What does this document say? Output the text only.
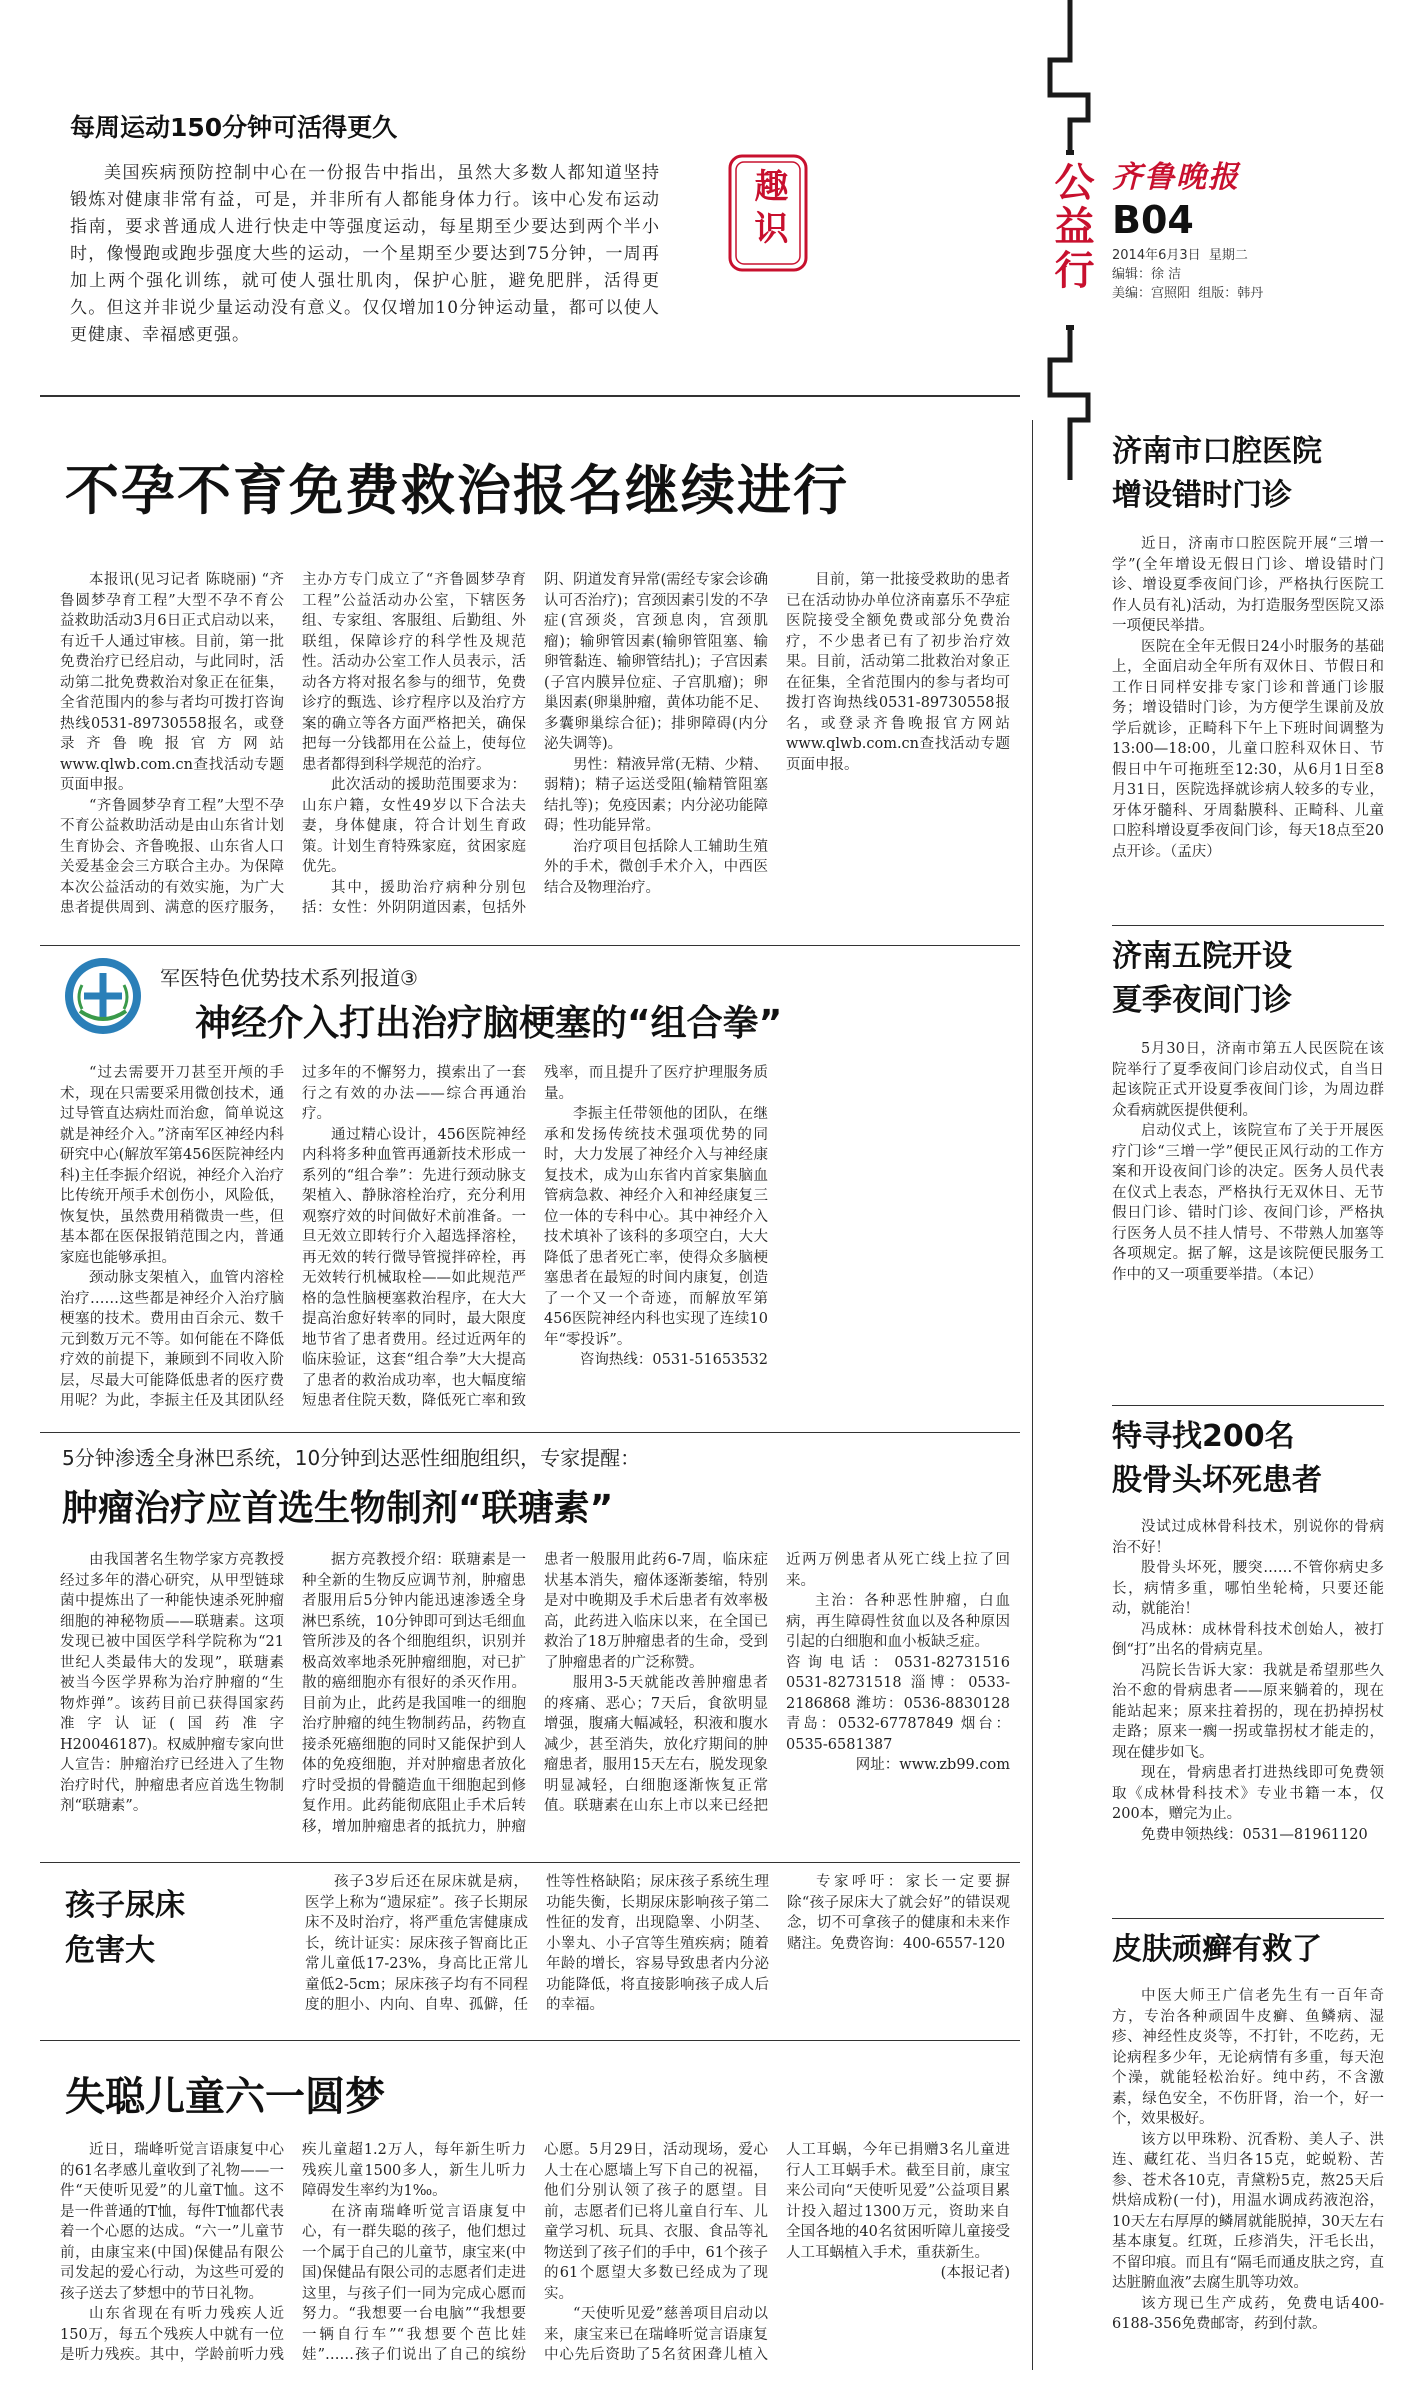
公益行 齐鲁晚报
B04
2014年6月3日 星期二
编辑：徐 洁
美编：宫照阳 组版：韩丹
每周运动150分钟可活得更久
美国疾病预防控制中心在一份报告中指出，虽然大多数人都知道坚持锻炼对健康非常有益，可是，并非所有人都能身体力行。该中心发布运动指南，要求普通成人进行快走中等强度运动，每星期至少要达到两个半小时，像慢跑或跑步强度大些的运动，一个星期至少要达到75分钟，一周再加上两个强化训练，就可使人强壮肌肉，保护心脏，避免肥胖，活得更久。但这并非说少量运动没有意义。仅仅增加10分钟运动量，都可以使人更健康、幸福感更强。
趣识
不孕不育免费救治报名继续进行

本报讯(见习记者 陈晓丽) “齐鲁圆梦孕育工程”大型不孕不育公益救助活动3月6日正式启动以来，有近千人通过审核。目前，第一批免费治疗已经启动，与此同时，活动第二批免费救治对象正在征集，全省范围内的参与者均可拨打咨询热线0531-89730558报名，或登录齐鲁晚报官方网站www.qlwb.com.cn查找活动专题页面申报。

“齐鲁圆梦孕育工程”大型不孕不育公益救助活动是由山东省计划生育协会、齐鲁晚报、山东省人口关爱基金会三方联合主办。为保障本次公益活动的有效实施，为广大患者提供周到、满意的医疗服务，主办方专门成立了“齐鲁圆梦孕育工程”公益活动办公室，下辖医务组、专家组、客服组、后勤组、外联组，保障诊疗的科学性及规范性。活动办公室工作人员表示，活动各方将对报名参与的细节，免费诊疗的甄选、诊疗程序以及治疗方案的确立等各方面严格把关，确保把每一分钱都用在公益上，使每位患者都得到科学规范的治疗。

此次活动的援助范围要求为：山东户籍，女性49岁以下合法夫妻，身体健康，符合计划生育政策。计划生育特殊家庭，贫困家庭优先。

其中，援助治疗病种分别包括：女性：外阴阴道因素，包括外阴、阴道发育异常(需经专家会诊确认可否治疗)；宫颈因素引发的不孕症(宫颈炎，宫颈息肉，宫颈肌瘤)；输卵管因素(输卵管阻塞、输卵管黏连、输卵管结扎)；子宫因素(子宫内膜异位症、子宫肌瘤)；卵巢因素(卵巢肿瘤，黄体功能不足、多囊卵巢综合征)；排卵障碍(内分泌失调等)。

男性：精液异常(无精、少精、弱精)；精子运送受阻(输精管阻塞结扎等)；免疫因素；内分泌功能障碍；性功能异常。

治疗项目包括除人工辅助生殖外的手术，微创手术介入，中西医结合及物理治疗。

目前，第一批接受救助的患者已在活动协办单位济南嘉乐不孕症医院接受全额免费或部分免费治疗，不少患者已有了初步治疗效果。目前，活动第二批救治对象正在征集，全省范围内的参与者均可拨打咨询热线0531-89730558报名，或登录齐鲁晚报官方网站www.qlwb.com.cn查找活动专题页面申报。

军医特色优势技术系列报道③
神经介入打出治疗脑梗塞的“组合拳”

“过去需要开刀甚至开颅的手术，现在只需要采用微创技术，通过导管直达病灶而治愈，简单说这就是神经介入。”济南军区神经内科研究中心(解放军第456医院神经内科)主任李振介绍说，神经介入治疗比传统开颅手术创伤小，风险低，恢复快，虽然费用稍微贵一些，但基本都在医保报销范围之内，普通家庭也能够承担。

颈动脉支架植入，血管内溶栓治疗……这些都是神经介入治疗脑梗塞的技术。费用由百余元、数千元到数万元不等。如何能在不降低疗效的前提下，兼顾到不同收入阶层，尽最大可能降低患者的医疗费用呢？为此，李振主任及其团队经过多年的不懈努力，摸索出了一套行之有效的办法——综合再通治疗。

通过精心设计，456医院神经内科将多种血管再通新技术形成一系列的“组合拳”：先进行颈动脉支架植入、静脉溶栓治疗，充分利用观察疗效的时间做好术前准备。一旦无效立即转行介入超选择溶栓，再无效的转行微导管搅拌碎栓，再无效转行机械取栓——如此规范严格的急性脑梗塞救治程序，在大大提高治愈好转率的同时，最大限度地节省了患者费用。经过近两年的临床验证，这套“组合拳”大大提高了患者的救治成功率，也大幅度缩短患者住院天数，降低死亡率和致残率，而且提升了医疗护理服务质量。

李振主任带领他的团队，在继承和发扬传统技术强项优势的同时，大力发展了神经介入与神经康复技术，成为山东省内首家集脑血管病急救、神经介入和神经康复三位一体的专科中心。其中神经介入技术填补了该科的多项空白，大大降低了患者死亡率，使得众多脑梗塞患者在最短的时间内康复，创造了一个又一个奇迹，而解放军第456医院神经内科也实现了连续10年“零投诉”。

咨询热线：0531-51653532

5分钟渗透全身淋巴系统，10分钟到达恶性细胞组织，专家提醒：
肿瘤治疗应首选生物制剂“联瑭素”

由我国著名生物学家方亮教授经过多年的潜心研究，从甲型链球菌中提炼出了一种能快速杀死肿瘤细胞的神秘物质——联瑭素。这项发现已被中国医学科学院称为“21世纪人类最伟大的发现”，联瑭素被当今医学界称为治疗肿瘤的“生物炸弹”。该药目前已获得国家药准字认证(国药准字H20046187)。权威肿瘤专家向世人宣告：肿瘤治疗已经进入了生物治疗时代，肿瘤患者应首选生物制剂“联瑭素”。

据方亮教授介绍：联瑭素是一种全新的生物反应调节剂，肿瘤患者服用后5分钟内能迅速渗透全身淋巴系统，10分钟即可到达毛细血管所涉及的各个细胞组织，识别并极高效率地杀死肿瘤细胞，对已扩散的癌细胞亦有很好的杀灭作用。目前为止，此药是我国唯一的细胞治疗肿瘤的纯生物制药品，药物直接杀死癌细胞的同时又能保护到人体的免疫细胞，并对肿瘤患者放化疗时受损的骨髓造血干细胞起到修复作用。此药能彻底阻止手术后转移，增加肿瘤患者的抵抗力，肿瘤患者一般服用此药6-7周，临床症状基本消失，瘤体逐渐萎缩，特别是对中晚期及手术后患者有效率极高，此药进入临床以来，在全国已救治了18万肿瘤患者的生命，受到了肿瘤患者的广泛称赞。

服用3-5天就能改善肿瘤患者的疼痛、恶心；7天后，食欲明显增强，腹痛大幅减轻，积液和腹水减少，甚至消失，放化疗期间的肿瘤患者，服用15天左右，脱发现象明显减轻，白细胞逐渐恢复正常值。联瑭素在山东上市以来已经把近两万例患者从死亡线上拉了回来。

主治：各种恶性肿瘤，白血病，再生障碍性贫血以及各种原因引起的白细胞和血小板缺乏症。

咨询电话：0531-82731516 0531-82731518 淄博：0533-2186868 潍坊：0536-8830128 青岛：0532-67787849 烟台：0535-6581387

网址：www.zb99.com

孩子尿床
危害大

孩子3岁后还在尿床就是病，医学上称为“遗尿症”。孩子长期尿床不及时治疗，将严重危害健康成长，统计证实：尿床孩子智商比正常儿童低17-23%，身高比正常儿童低2-5cm；尿床孩子均有不同程度的胆小、内向、自卑、孤僻，任性等性格缺陷；尿床孩子系统生理功能失衡，长期尿床影响孩子第二性征的发育，出现隐睾、小阴茎、小睾丸、小子宫等生殖疾病；随着年龄的增长，容易导致患者内分泌功能降低，将直接影响孩子成人后的幸福。

专家呼吁：家长一定要摒除“孩子尿床大了就会好”的错误观念，切不可拿孩子的健康和未来作赌注。免费咨询：400-6557-120

失聪儿童六一圆梦

近日，瑞峰听觉言语康复中心的61名孝感儿童收到了礼物——一件“天使听见爱”的儿童T恤。这不是一件普通的T恤，每件T恤都代表着一个心愿的达成。“六一”儿童节前，由康宝来(中国)保健品有限公司发起的爱心行动，为这些可爱的孩子送去了梦想中的节日礼物。

山东省现在有听力残疾人近150万，每五个残疾人中就有一位是听力残疾。其中，学龄前听力残疾儿童超1.2万人，每年新生听力残疾儿童1500多人，新生儿听力障碍发生率约为1‰。

在济南瑞峰听觉言语康复中心，有一群失聪的孩子，他们想过一个属于自己的儿童节，康宝来(中国)保健品有限公司的志愿者们走进这里，与孩子们一同为完成心愿而努力。“我想要一台电脑”“我想要一辆自行车”“我想要个芭比娃娃”……孩子们说出了自己的缤纷心愿。5月29日，活动现场，爱心人士在心愿墙上写下自己的祝福，他们分别认领了孩子的愿望。目前，志愿者们已将儿童自行车、儿童学习机、玩具、衣服、食品等礼物送到了孩子们的手中，61个孩子的61个愿望大多数已经成为了现实。

“天使听见爱”慈善项目启动以来，康宝来已在瑞峰听觉言语康复中心先后资助了5名贫困聋儿植入人工耳蜗，今年已捐赠3名儿童进行人工耳蜗手术。截至目前，康宝来公司向“天使听见爱”公益项目累计投入超过1300万元，资助来自全国各地的40名贫困听障儿童接受人工耳蜗植入手术，重获新生。

(本报记者)

济南市口腔医院
增设错时门诊

近日，济南市口腔医院开展“三增一学”(全年增设无假日门诊、增设错时门诊、增设夏季夜间门诊，严格执行医院工作人员有礼)活动，为打造服务型医院又添一项便民举措。

医院在全年无假日24小时服务的基础上，全面启动全年所有双休日、节假日和工作日同样安排专家门诊和普通门诊服务；增设错时门诊，为方便学生课前及放学后就诊，正畸科下午上下班时间调整为13:00—18:00，儿童口腔科双休日、节假日中午可拖班至12:30，从6月1日至8月31日，医院选择就诊病人较多的专业，牙体牙髓科、牙周黏膜科、正畸科、儿童口腔科增设夏季夜间门诊，每天18点至20点开诊。（孟庆）

济南五院开设
夏季夜间门诊

5月30日，济南市第五人民医院在该院举行了夏季夜间门诊启动仪式，自当日起该院正式开设夏季夜间门诊，为周边群众看病就医提供便利。

启动仪式上，该院宣布了关于开展医疗门诊“三增一学”便民正风行动的工作方案和开设夜间门诊的决定。医务人员代表在仪式上表态，严格执行无双休日、无节假日门诊、错时门诊、夜间门诊，严格执行医务人员不挂人情号、不带熟人加塞等各项规定。据了解，这是该院便民服务工作中的又一项重要举措。（本记）

特寻找200名
股骨头坏死患者

没试过成林骨科技术，别说你的骨病治不好！

股骨头坏死，腰突……不管你病史多长，病情多重，哪怕坐轮椅，只要还能动，就能治！

冯成林：成林骨科技术创始人，被打倒“打”出名的骨病克星。

冯院长告诉大家：我就是希望那些久治不愈的骨病患者——原来躺着的，现在能站起来；原来拄着拐的，现在扔掉拐杖走路；原来一瘸一拐或靠拐杖才能走的，现在健步如飞。

现在，骨病患者打进热线即可免费领取《成林骨科技术》专业书籍一本，仅200本，赠完为止。

免费申领热线：0531—81961120

皮肤顽癣有救了

中医大师王广信老先生有一百年奇方，专治各种顽固牛皮癣、鱼鳞病、湿疹、神经性皮炎等，不打针，不吃药，无论病程多少年，无论病情有多重，每天泡个澡，就能轻松治好。纯中药，不含激素，绿色安全，不伤肝肾，治一个，好一个，效果极好。

该方以甲珠粉、沉香粉、美人子、洪连、藏红花、当归各15克，蛇蜕粉、苦参、苍术各10克，青黛粉5克，熬25天后烘焙成粉(一付)，用温水调成药液泡浴，10天左右厚厚的鳞屑就能脱掉，30天左右基本康复。红斑，丘疹消失，汗毛长出，不留印痕。而且有“隔毛而通皮肤之窍，直达脏腑血液”去腐生肌等功效。

该方现已生产成药，免费电话400-6188-356免费邮寄，药到付款。
